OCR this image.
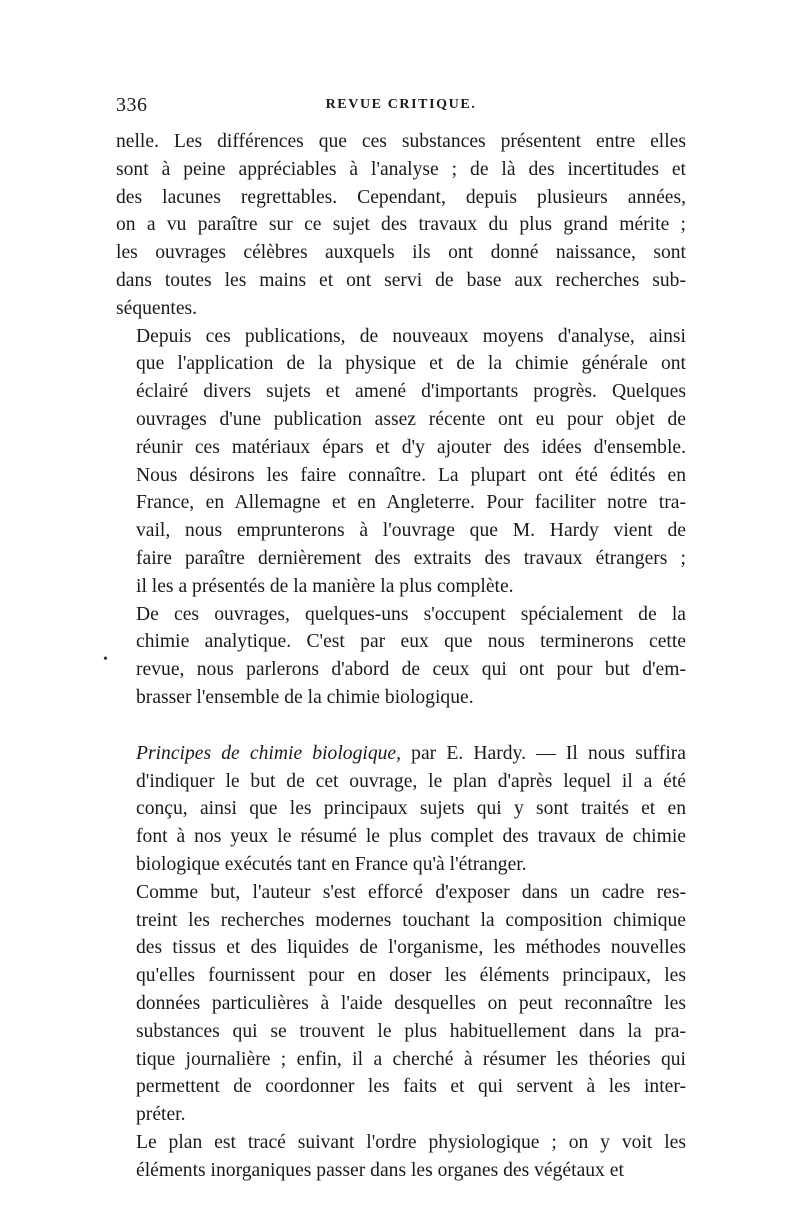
336	REVUE CRITIQUE.
•
nelle. Les différences que ces substances présentent entre elles
sont à peine appréciables à l'analyse ; de là des incertitudes et
des lacunes regrettables. Cependant, depuis plusieurs années,
on a vu paraître sur ce sujet des travaux du plus grand mérite ;
les ouvrages célèbres auxquels ils ont donné naissance, sont
dans toutes les mains et ont servi de base aux recherches sub-
séquentes.
Depuis ces publications, de nouveaux moyens d'analyse, ainsi
que l'application de la physique et de la chimie générale ont
éclairé divers sujets et amené d'importants progrès. Quelques
ouvrages d'une publication assez récente ont eu pour objet de
réunir ces matériaux épars et d'y ajouter des idées d'ensemble.
Nous désirons les faire connaître. La plupart ont été édités en
France, en Allemagne et en Angleterre. Pour faciliter notre tra-
vail, nous emprunterons à l'ouvrage que M. Hardy vient de
faire paraître dernièrement des extraits des travaux étrangers ;
il les a présentés de la manière la plus complète.
De ces ouvrages, quelques-uns s'occupent spécialement de la
chimie analytique. C'est par eux que nous terminerons cette
revue, nous parlerons d'abord de ceux qui ont pour but d'em-
brasser l'ensemble de la chimie biologique.
Principes de chimie biologique, par E. Hardy. — Il nous suffira
d'indiquer le but de cet ouvrage, le plan d'après lequel il a été
conçu, ainsi que les principaux sujets qui y sont traités et en
font à nos yeux le résumé le plus complet des travaux de chimie
biologique exécutés tant en France qu'à l'étranger.
Comme but, l'auteur s'est efforcé d'exposer dans un cadre res-
treint les recherches modernes touchant la composition chimique
des tissus et des liquides de l'organisme, les méthodes nouvelles
qu'elles fournissent pour en doser les éléments principaux, les
données particulières à l'aide desquelles on peut reconnaître les
substances qui se trouvent le plus habituellement dans la pra-
tique journalière ; enfin, il a cherché à résumer les théories qui
permettent de coordonner les faits et qui servent à les inter-
préter.
Le plan est tracé suivant l'ordre physiologique ; on y voit les
éléments inorganiques passer dans les organes des végétaux et
